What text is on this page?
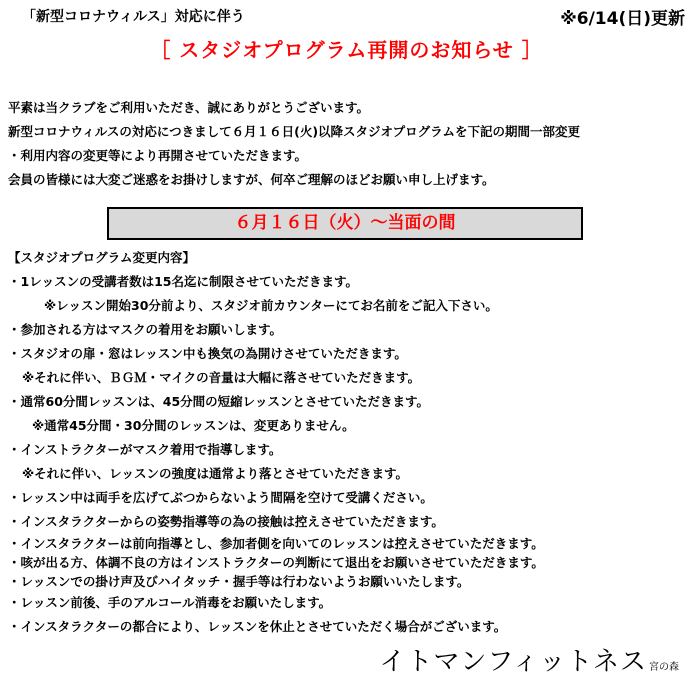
「新型コロナウィルス」対応に伴う	※6/14(日)更新
［ スタジオプログラム再開のお知らせ ］
平素は当クラブをご利用いただき、誠にありがとうございます。
新型コロナウィルスの対応につきまして６月１６日(火)以降スタジオプログラムを下記の期間一部変更
・利用内容の変更等により再開させていただきます。
会員の皆様には大変ご迷惑をお掛けしますが、何卒ご理解のほどお願い申し上げます。
６月１６日（火）～当面の間
【スタジオプログラム変更内容】
・1レッスンの受講者数は15名迄に制限させていただきます。
※レッスン開始30分前より、スタジオ前カウンターにてお名前をご記入下さい。
・参加される方はマスクの着用をお願いします。
・スタジオの扉・窓はレッスン中も換気の為開けさせていただきます。
※それに伴い、ＢＧＭ・マイクの音量は大幅に落させていただきます。
・通常60分間レッスンは、45分間の短縮レッスンとさせていただきます。
※通常45分間・30分間のレッスンは、変更ありません。
・インストラクターがマスク着用で指導します。
※それに伴い、レッスンの強度は通常より落とさせていただきます。
・レッスン中は両手を広げてぶつからないよう間隔を空けて受講ください。
・インスタラクターからの姿勢指導等の為の接触は控えさせていただきます。
・インスタラクターは前向指導とし、参加者側を向いてのレッスンは控えさせていただきます。
・咳が出る方、体調不良の方はインストラクターの判断にて退出をお願いさせていただきます。
・レッスンでの掛け声及びハイタッチ・握手等は行わないようお願いいたします。
・レッスン前後、手のアルコール消毒をお願いたします。
・インスタラクターの都合により、レッスンを休止とさせていただく場合がございます。
イトマンフィットネス 宮の森
